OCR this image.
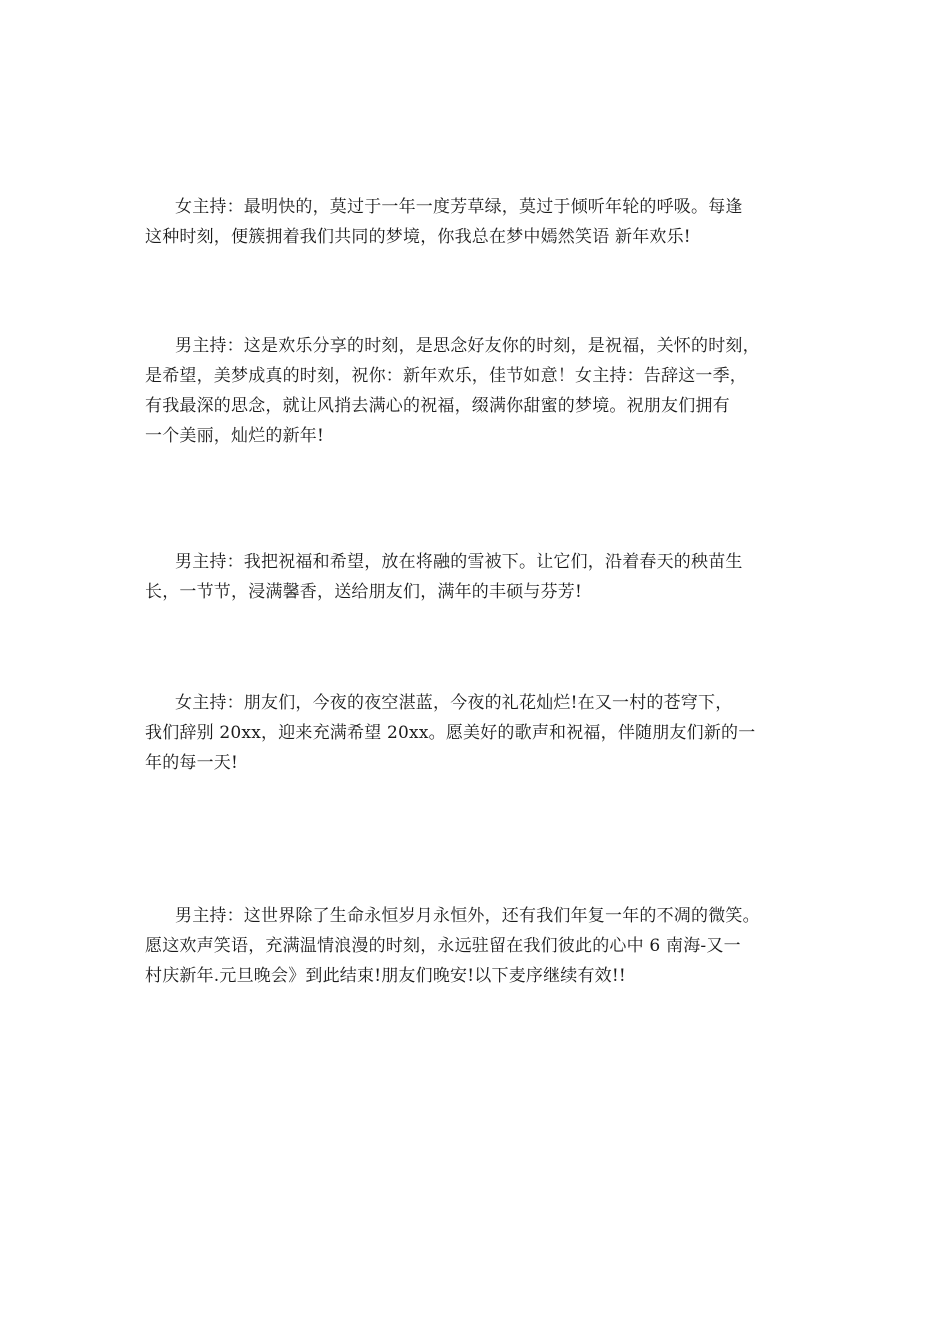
女主持：最明快的，莫过于一年一度芳草绿，莫过于倾听年轮的呼吸。每逢
这种时刻，便簇拥着我们共同的梦境，你我总在梦中嫣然笑语 新年欢乐!
男主持：这是欢乐分享的时刻，是思念好友你的时刻，是祝福，关怀的时刻，
是希望，美梦成真的时刻，祝你：新年欢乐，佳节如意！女主持：告辞这一季，
有我最深的思念，就让风捎去满心的祝福，缀满你甜蜜的梦境。祝朋友们拥有
一个美丽，灿烂的新年!
男主持：我把祝福和希望，放在将融的雪被下。让它们，沿着春天的秧苗生
长，一节节，浸满馨香，送给朋友们，满年的丰硕与芬芳!
女主持：朋友们，今夜的夜空湛蓝，今夜的礼花灿烂!在又一村的苍穹下，
我们辞别 20xx，迎来充满希望 20xx。愿美好的歌声和祝福，伴随朋友们新的一
年的每一天!
男主持：这世界除了生命永恒岁月永恒外，还有我们年复一年的不凋的微笑。
愿这欢声笑语，充满温情浪漫的时刻，永远驻留在我们彼此的心中 6 南海-又一
村庆新年.元旦晚会》到此结束!朋友们晚安!以下麦序继续有效!!
